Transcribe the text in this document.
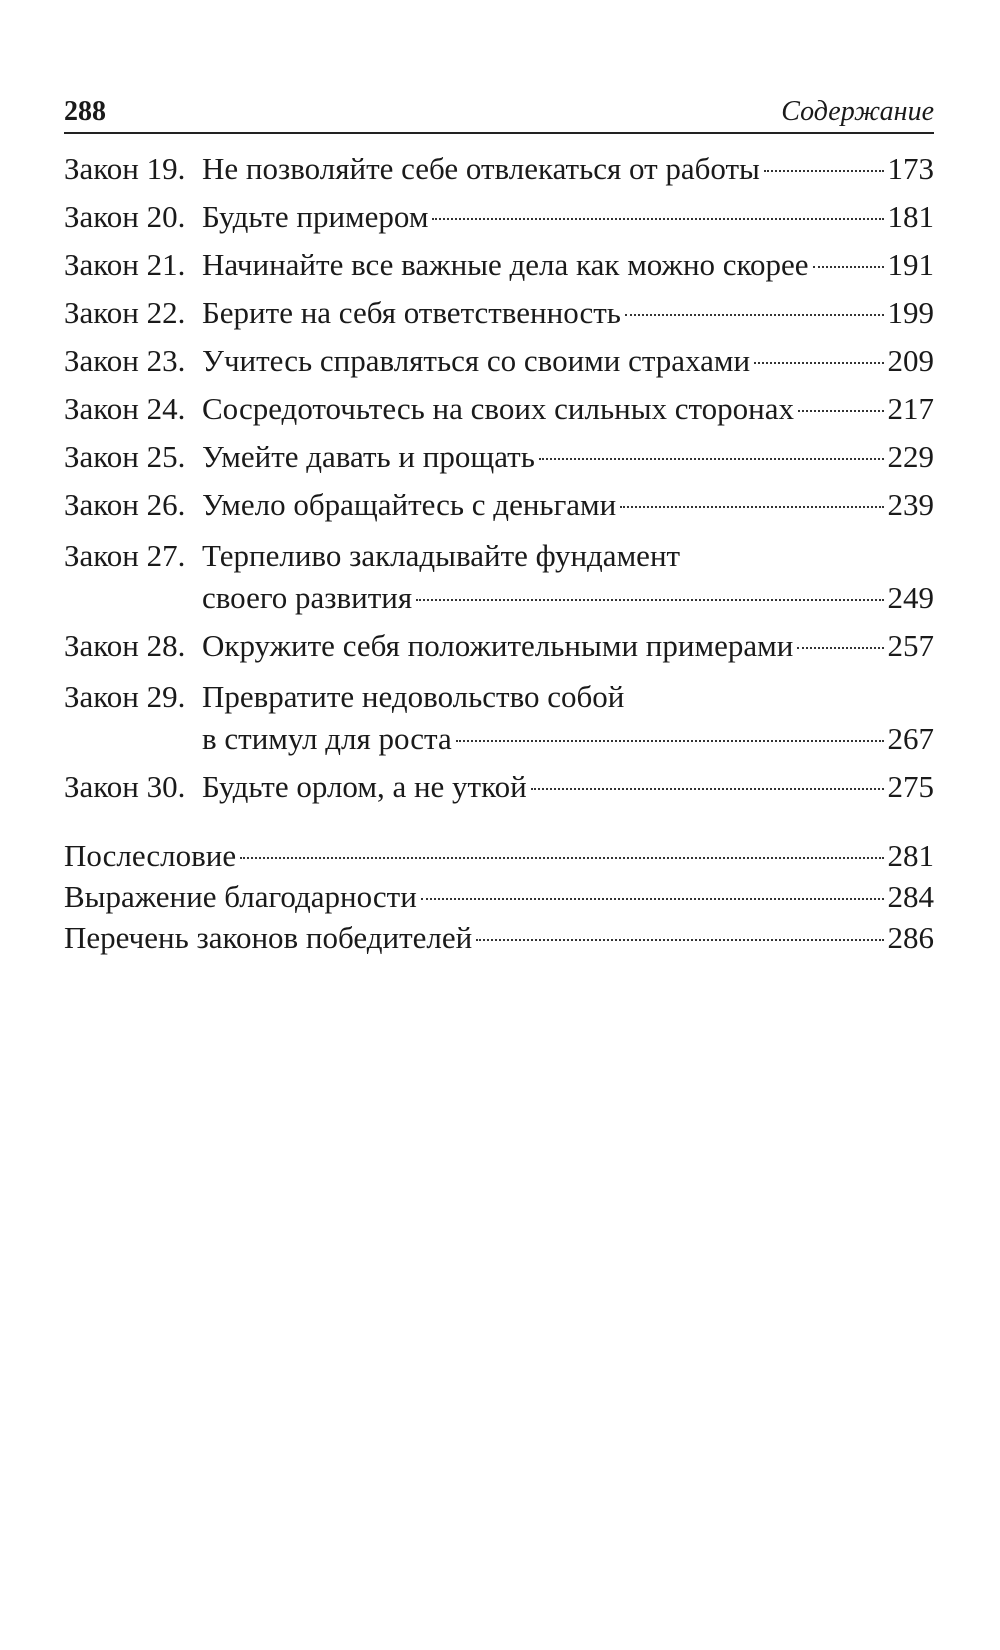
288	Содержание
Закон 19. Не позволяйте себе отвлекаться от работы	173
Закон 20. Будьте примером	181
Закон 21. Начинайте все важные дела как можно скорее	191
Закон 22. Берите на себя ответственность	199
Закон 23. Учитесь справляться со своими страхами	209
Закон 24. Сосредоточьтесь на своих сильных сторонах	217
Закон 25. Умейте давать и прощать	229
Закон 26. Умело обращайтесь с деньгами	239
Закон 27. Терпеливо закладывайте фундамент
своего развития	249
Закон 28. Окружите себя положительными примерами	257
Закон 29. Превратите недовольство собой
в стимул для роста	267
Закон 30. Будьте орлом, а не уткой	275
Послесловие	281
Выражение благодарности	284
Перечень законов победителей	286
